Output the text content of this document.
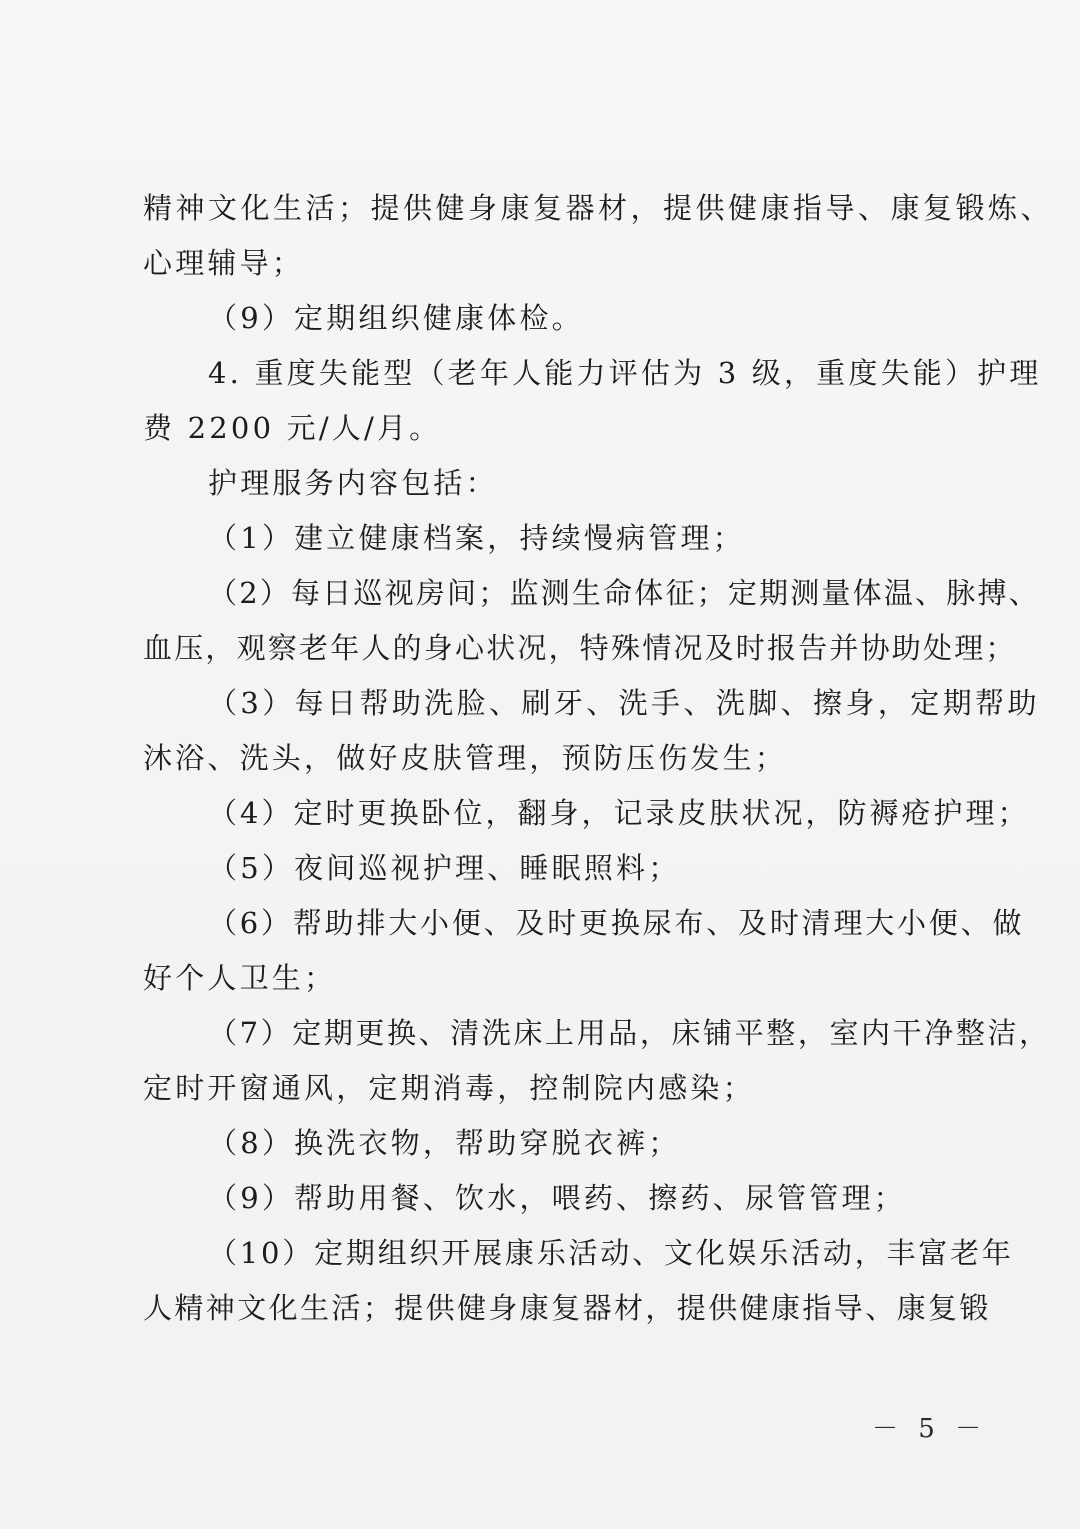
精神文化生活；提供健身康复器材，提供健康指导、康复锻炼、
心理辅导；
（9）定期组织健康体检。
4. 重度失能型（老年人能力评估为 3 级，重度失能）护理
费 2200 元/人/月。
护理服务内容包括：
（1）建立健康档案，持续慢病管理；
（2）每日巡视房间；监测生命体征；定期测量体温、脉搏、
血压，观察老年人的身心状况，特殊情况及时报告并协助处理；
（3）每日帮助洗脸、刷牙、洗手、洗脚、擦身，定期帮助
沐浴、洗头，做好皮肤管理，预防压伤发生；
（4）定时更换卧位，翻身，记录皮肤状况，防褥疮护理；
（5）夜间巡视护理、睡眠照料；
（6）帮助排大小便、及时更换尿布、及时清理大小便、做
好个人卫生；
（7）定期更换、清洗床上用品，床铺平整，室内干净整洁，
定时开窗通风，定期消毒，控制院内感染；
（8）换洗衣物，帮助穿脱衣裤；
（9）帮助用餐、饮水，喂药、擦药、尿管管理；
（10）定期组织开展康乐活动、文化娱乐活动，丰富老年
人精神文化生活；提供健身康复器材，提供健康指导、康复锻
－ 5 －
